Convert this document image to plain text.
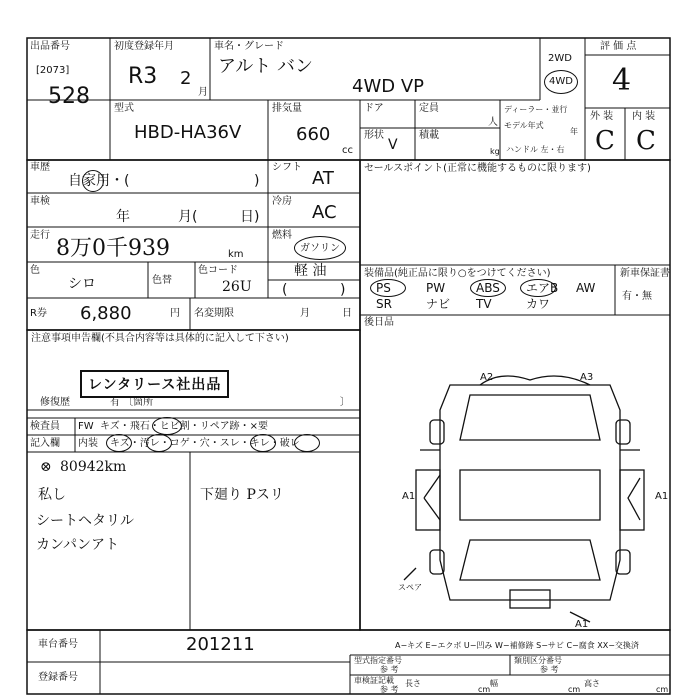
出品番号
[2073]
528
初度登録年月
R3 2
月
車名・グレード
アルト バン
4WD VP
2WD
4WD
評 価 点
4
型式
HBD-HA36V
排気量
660
cc
ドア
形状
V
定員
人
積載
kg
ディーラー・並行
モデル年式
年
ハンドル 左・右
外 装 内 装
C C
車歴
自家用・(	)
シフト
AT
車検
年	月(	日)
冷房
AC
走行
8万0千939	km
燃料
ガソリン
軽 油
(	)
色
シロ	色替
色コード
26U
R券 6,880	円 名変期限	月	日
注意事項申告欄(不具合内容等は具体的に記入して下さい)
レンタリース社出品
修復歴	有 〔箇所	〕
検査員
記入欄
FW キズ・飛石・ヒビ割・リペア跡・×要
内装 キズ・汚レ・コゲ・穴・スレ・キレ・破レ
⊗ 80942km
私し
シートヘタリル
カンパンアト
下廻り Pスリ
セールスポイント(正常に機能するものに限ります)
装備品(純正品に限り○をつけてください)	新車保証書
有・無
PS	PW	ABS エアB AW
SR	ナビ TV	カワ
後日品
A2	A3
A1	A1
A1
スペア
車台番号	201211
登録番号
A−キズ E−エクボ U−凹み W−補修跡 S−サビ C−腐食 XX−交換済
型式指定番号
参 考
類別区分番号
参 考
車検証記載
参 考
長さ
cm
幅
cm
高さ
cm
